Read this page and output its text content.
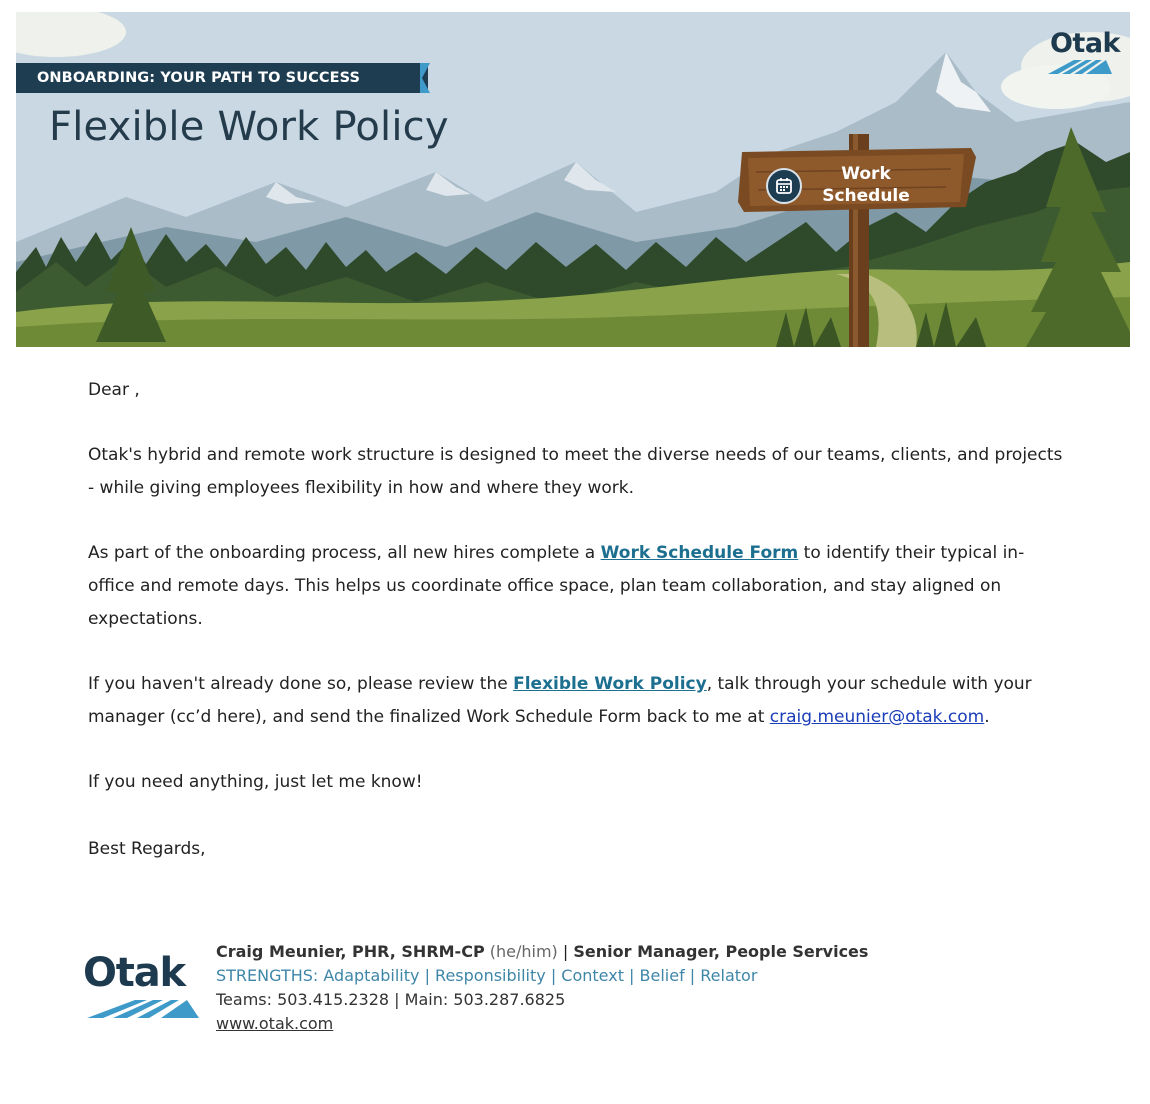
ONBOARDING: YOUR PATH TO SUCCESS
Flexible Work Policy
Otak
Work
Schedule

Dear ,

Otak's hybrid and remote work structure is designed to meet the diverse needs of our teams, clients, and projects - while giving employees flexibility in how and where they work.

As part of the onboarding process, all new hires complete a Work Schedule Form to identify their typical in-office and remote days. This helps us coordinate office space, plan team collaboration, and stay aligned on expectations.

If you haven't already done so, please review the Flexible Work Policy, talk through your schedule with your manager (cc’d here), and send the finalized Work Schedule Form back to me at craig.meunier@otak.com.

If you need anything, just let me know!

Best Regards,

Otak	Craig Meunier, PHR, SHRM-CP (he/him) | Senior Manager, People Services
STRENGTHS: Adaptability | Responsibility | Context | Belief | Relator
Teams: 503.415.2328 | Main: 503.287.6825
www.otak.com
